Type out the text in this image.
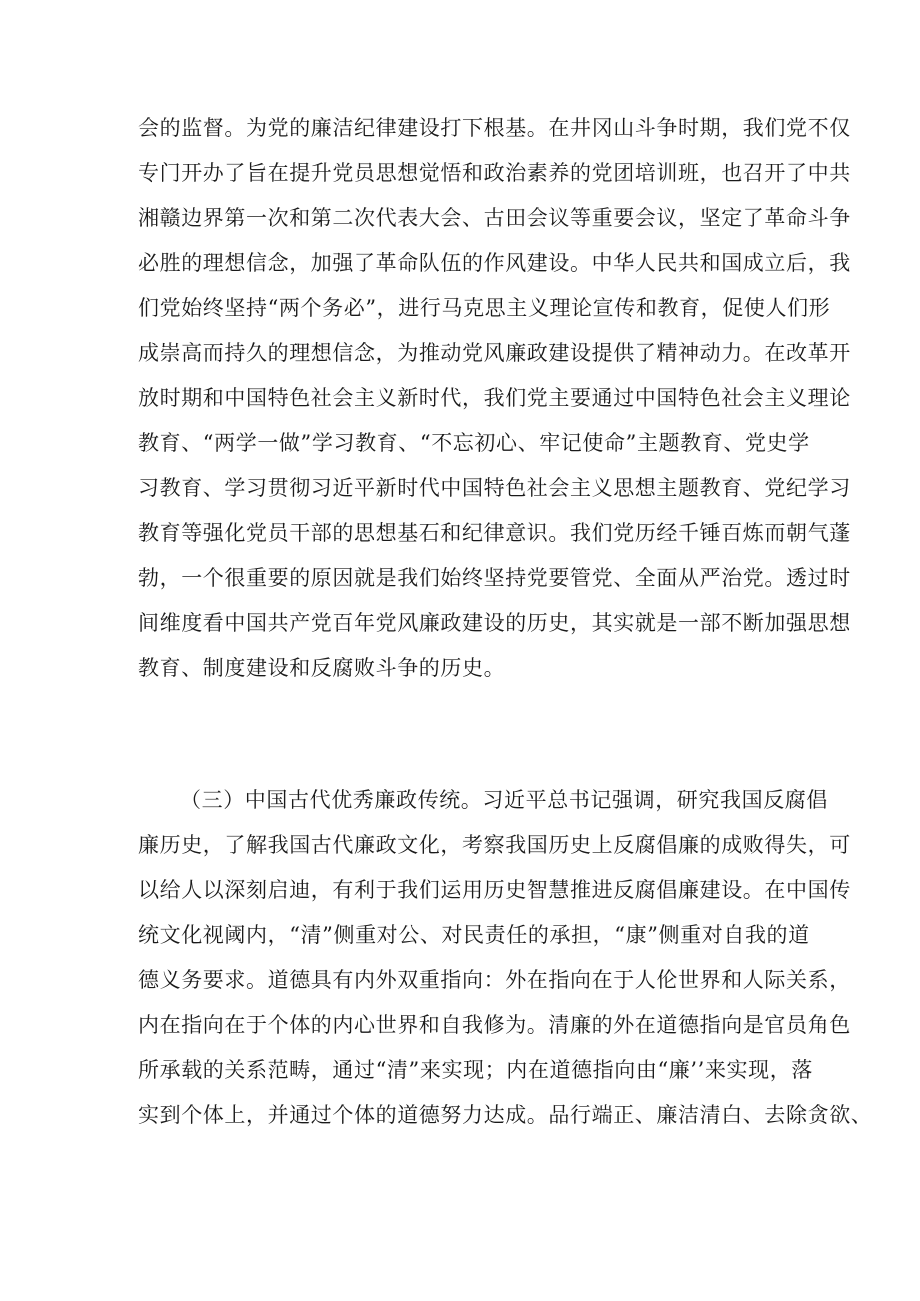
会的监督。为党的廉洁纪律建设打下根基。在井冈山斗争时期，我们党不仅
专门开办了旨在提升党员思想觉悟和政治素养的党团培训班，也召开了中共
湘赣边界第一次和第二次代表大会、古田会议等重要会议，坚定了革命斗争
必胜的理想信念，加强了革命队伍的作风建设。中华人民共和国成立后，我
们党始终坚持“两个务必”，进行马克思主义理论宣传和教育，促使人们形
成崇高而持久的理想信念，为推动党风廉政建设提供了精神动力。在改革开
放时期和中国特色社会主义新时代，我们党主要通过中国特色社会主义理论
教育、“两学一做”学习教育、“不忘初心、牢记使命”主题教育、党史学
习教育、学习贯彻习近平新时代中国特色社会主义思想主题教育、党纪学习
教育等强化党员干部的思想基石和纪律意识。我们党历经千锤百炼而朝气蓬
勃，一个很重要的原因就是我们始终坚持党要管党、全面从严治党。透过时
间维度看中国共产党百年党风廉政建设的历史，其实就是一部不断加强思想
教育、制度建设和反腐败斗争的历史。
（三）中国古代优秀廉政传统。习近平总书记强调，研究我国反腐倡
廉历史，了解我国古代廉政文化，考察我国历史上反腐倡廉的成败得失，可
以给人以深刻启迪，有利于我们运用历史智慧推进反腐倡廉建设。在中国传
统文化视阈内，“清”侧重对公、对民责任的承担，“康”侧重对自我的道
德义务要求。道德具有内外双重指向：外在指向在于人伦世界和人际关系，
内在指向在于个体的内心世界和自我修为。清廉的外在道德指向是官员角色
所承载的关系范畴，通过“清”来实现；内在道德指向由“廉’’来实现，落
实到个体上，并通过个体的道德努力达成。品行端正、廉洁清白、去除贪欲、
